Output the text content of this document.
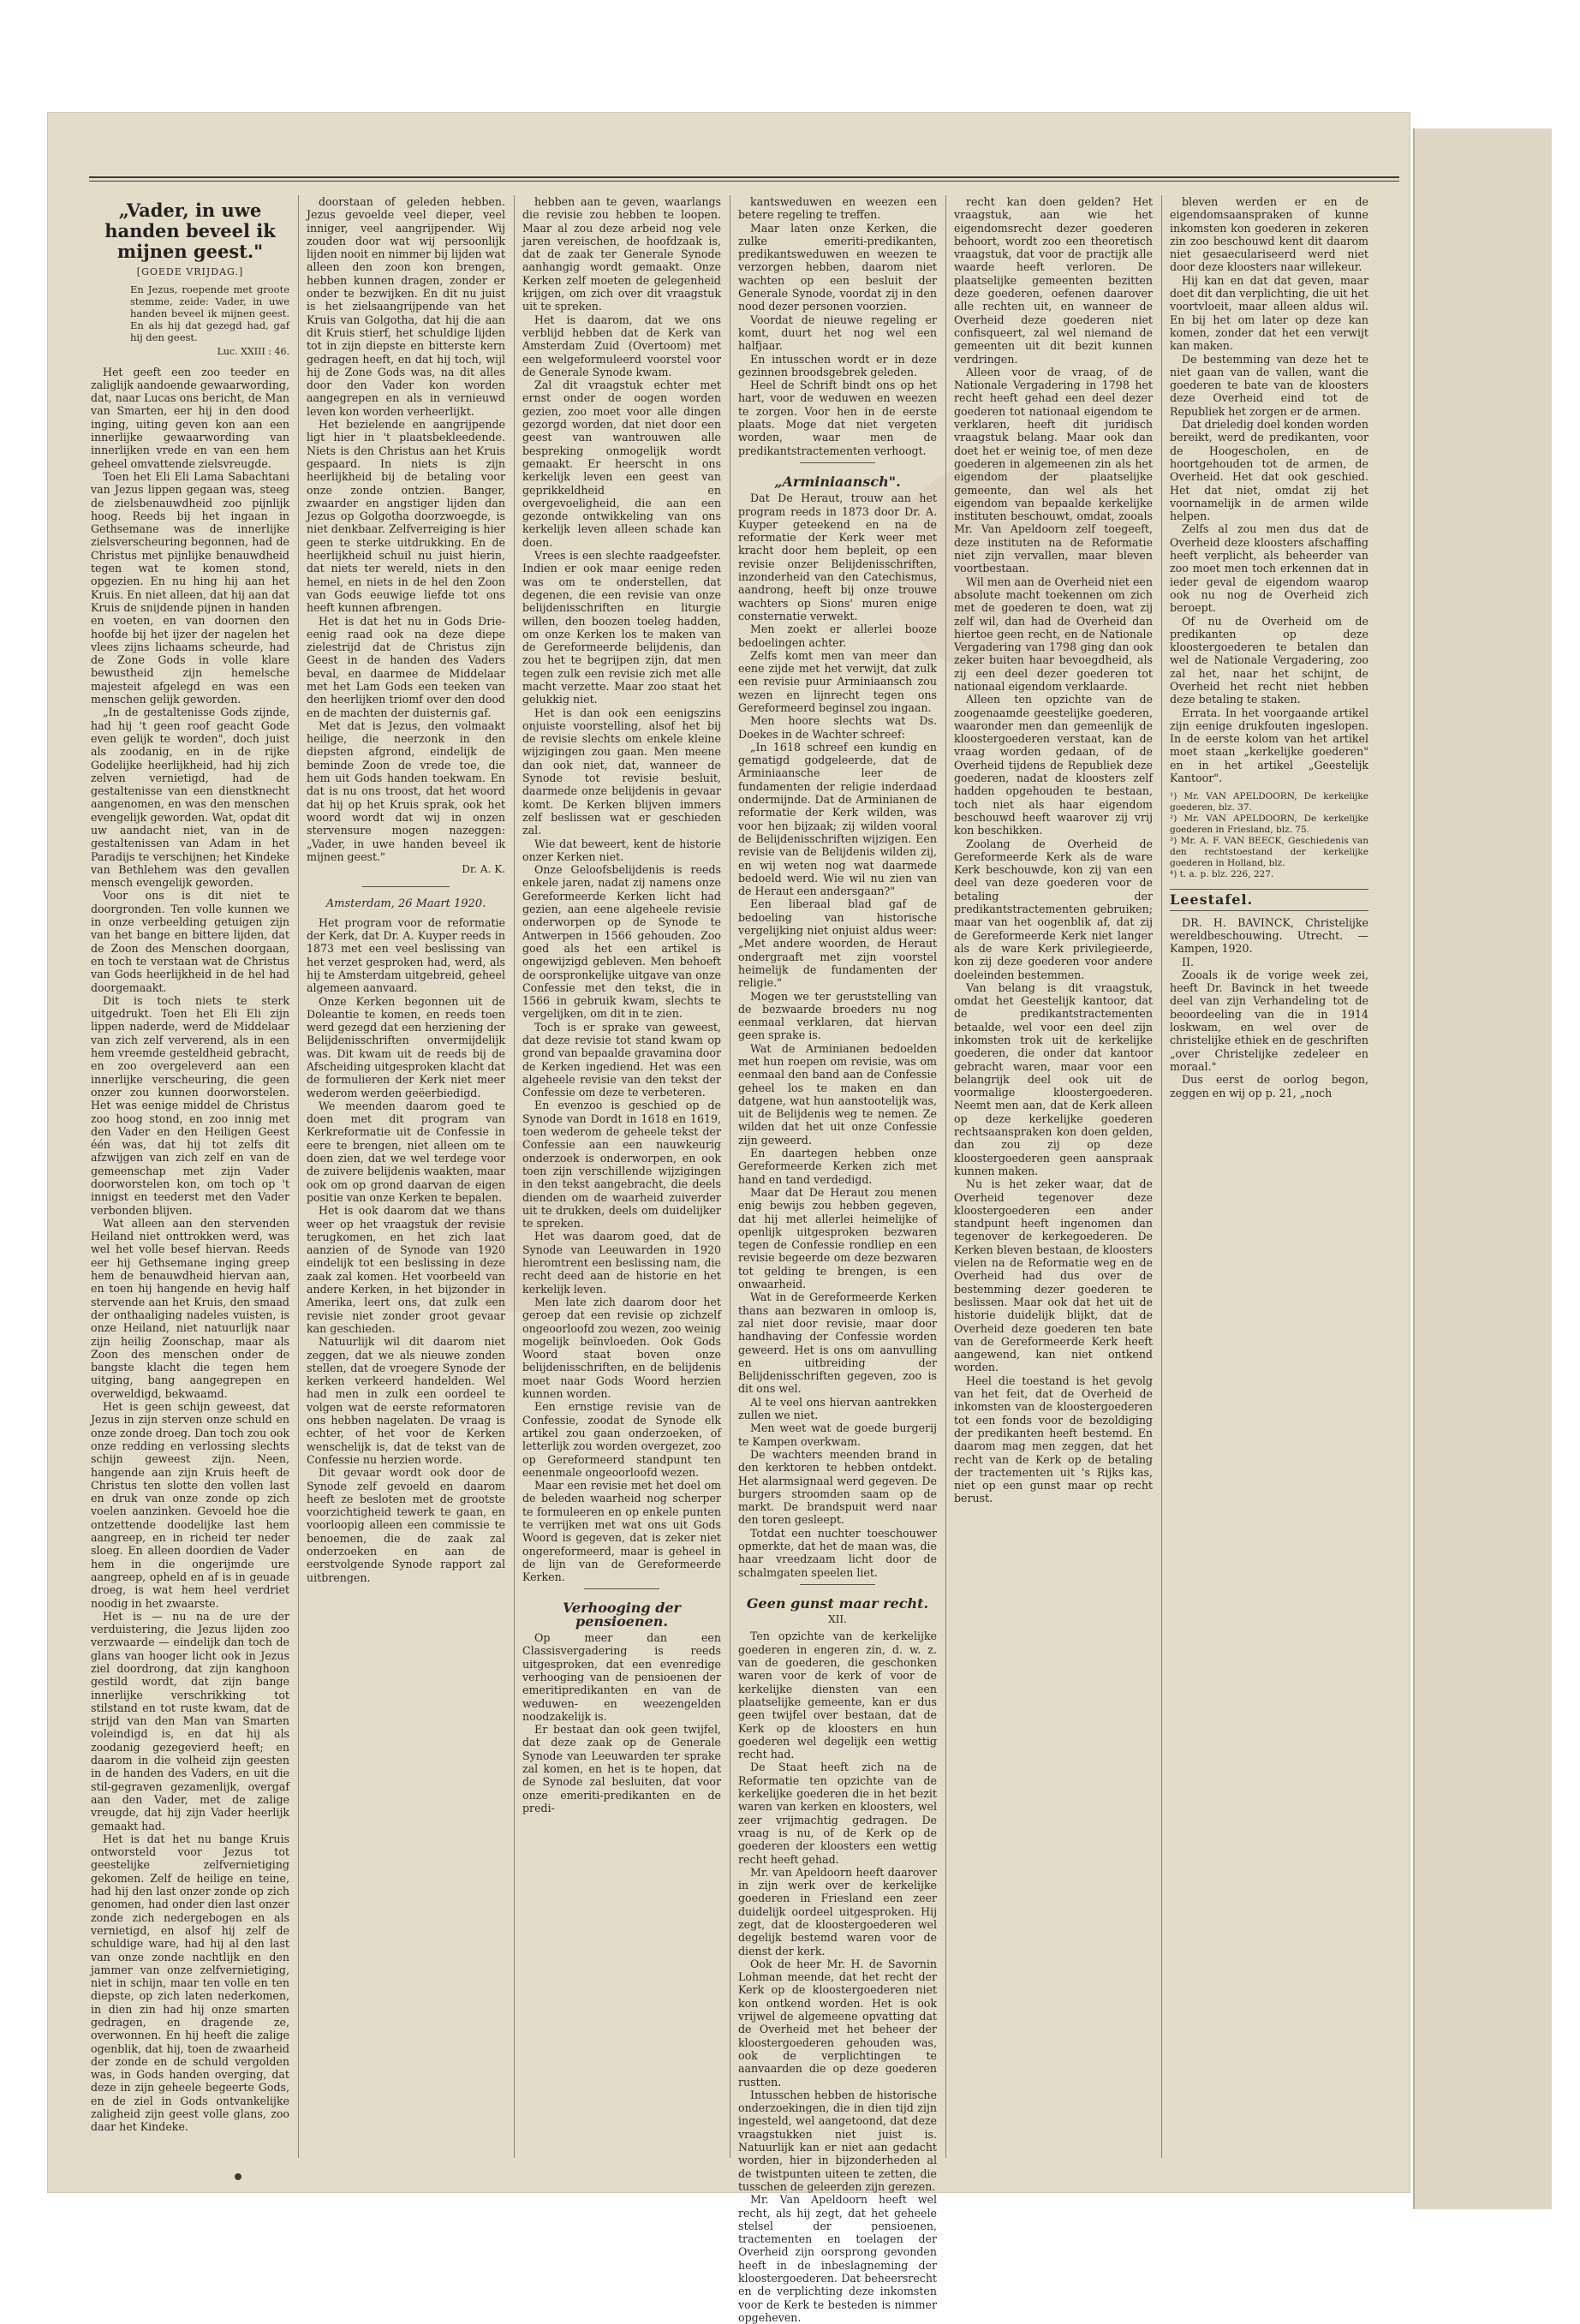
„Vader, in uwe handen beveel ik mijnen geest."
[GOEDE VRIJDAG.]
En Jezus, roepende met groote stemme, zeide: Vader, in uwe handen beveel ik mijnen geest. En als hij dat gezegd had, gaf hij den geest.
Luc. XXIII : 46.

Het geeft een zoo teeder en zaliglijk aandoende gewaarwording, dat, naar Lucas ons bericht, de Man van Smarten, eer hij in den dood inging, uiting geven kon aan een innerlijke gewaarwording van innerlijken vrede en van een hem geheel omvattende zielsvreugde.

Toen het Eli Eli Lama Sabachtani van Jezus lippen gegaan was, steeg de zielsbenauwdheid zoo pijnlijk hoog. Reeds bij het ingaan in Gethsemane was de innerlijke zielsverscheuring begonnen, had de Christus met pijnlijke benauwdheid tegen wat te komen stond, opgezien. En nu hing hij aan het Kruis. En niet alleen, dat hij aan dat Kruis de snijdende pijnen in handen en voeten, en van doornen den hoofde bij het ijzer der nagelen het vlees zijns lichaams scheurde, had de Zone Gods in volle klare bewustheid zijn hemelsche majesteit afgelegd en was een menschen gelijk geworden.

„In de gestaltenisse Gods zijnde, had hij 't geen roof geacht Gode even gelijk te worden", doch juist als zoodanig, en in de rijke Godelijke heerlijkheid, had hij zich zelven vernietigd, had de gestaltenisse van een dienstknecht aangenomen, en was den menschen evengelijk geworden. Wat, opdat dit uw aandacht niet, van in de gestaltenissen van Adam in het Paradijs te verschijnen; het Kindeke van Bethlehem was den gevallen mensch evengelijk geworden.

Voor ons is dit niet te doorgronden. Ten volle kunnen we in onze verbeelding getuigen zijn van het bange en bittere lijden, dat de Zoon des Menschen doorgaan, en toch te verstaan wat de Christus van Gods heerlijkheid in de hel had doorgemaakt.

Dit is toch niets te sterk uitgedrukt. Toen het Eli Eli zijn lippen naderde, werd de Middelaar van zich zelf ververend, als in een hem vreemde gesteldheid gebracht, en zoo overgeleverd aan een innerlijke verscheuring, die geen onzer zou kunnen doorworstelen. Het was eenige middel de Christus zoo hoog stond, en zoo innig met den Vader en den Heiligen Geest één was, dat hij tot zelfs dit afzwijgen van zich zelf en van de gemeenschap met zijn Vader doorworstelen kon, om toch op 't innigst en teederst met den Vader verbonden blijven.

Wat alleen aan den stervenden Heiland niet onttrokken werd, was wel het volle besef hiervan. Reeds eer hij Gethsemane inging greep hem de benauwdheid hiervan aan, en toen hij hangende en hevig half stervende aan het Kruis, den smaad der onthaaliging nadeles vuisten, is onze Heiland, niet natuurlijk naar zijn heilig Zoonschap, maar als Zoon des menschen onder de bangste klacht die tegen hem uitging, bang aangegrepen en overweldigd, bekwaamd.

Het is geen schijn geweest, dat Jezus in zijn sterven onze schuld en onze zonde droeg. Dan toch zou ook onze redding en verlossing slechts schijn geweest zijn. Neen, hangende aan zijn Kruis heeft de Christus ten slotte den vollen last en druk van onze zonde op zich voelen aanzinken. Gevoeld hoe die ontzettende doodelijke last hem aangreep, en in richeid ter neder sloeg. En alleen doordien de Vader hem in die ongerijmde ure aangreep, opheld en af is in geuade droeg, is wat hem heel verdriet noodig in het zwaarste.

Het is — nu na de ure der verduistering, die Jezus lijden zoo verzwaarde — eindelijk dan toch de glans van hooger licht ook in Jezus ziel doordrong, dat zijn kanghoon gestild wordt, dat zijn bange innerlijke verschrikking tot stilstand en tot ruste kwam, dat de strijd van den Man van Smarten voleindigd is, en dat hij als zoodanig gezegevierd heeft; en daarom in die volheid zijn geesten in de handen des Vaders, en uit die stil-gegraven gezamenlijk, overgaf aan den Vader, met de zalige vreugde, dat hij zijn Vader heerlijk gemaakt had.

Het is dat het nu bange Kruis ontworsteld voor Jezus tot geestelijke zelfvernietiging gekomen. Zelf de heilige en teine, had hij den last onzer zonde op zich genomen, had onder dien last onzer zonde zich nedergebogen en als vernietigd, en alsof hij zelf de schuldige ware, had hij al den last van onze zonde nachtlijk en den jammer van onze zelfvernietiging, niet in schijn, maar ten volle en ten diepste, op zich laten nederkomen, in dien zin had hij onze smarten gedragen, en dragende ze, overwonnen. En hij heeft die zalige ogenblik, dat hij, toen de zwaarheid der zonde en de schuld vergolden was, in Gods handen overging, dat deze in zijn geheele begeerte Gods, en de ziel in Gods ontvankelijke zaligheid zijn geest volle glans, zoo daar het Kindeke.

doorstaan of geleden hebben. Jezus gevoelde veel dieper, veel inniger, veel aangrijpender. Wij zouden door wat wij persoonlijk lijden nooit en nimmer bij lijden wat alleen den zoon kon brengen, hebben kunnen dragen, zonder er onder te bezwijken. En dit nu juist is het zielsaangrijpende van het Kruis van Golgotha, dat hij die aan dit Kruis stierf, het schuldige lijden tot in zijn diepste en bitterste kern gedragen heeft, en dat hij toch, wijl hij de Zone Gods was, na dit alles door den Vader kon worden aangegrepen en als in vernieuwd leven kon worden verheerlijkt.

Het bezielende en aangrijpende ligt hier in 't plaatsbekleedende. Niets is den Christus aan het Kruis gespaard. In niets is zijn heerlijkheid bij de betaling voor onze zonde ontzien. Banger, zwaarder en angstiger lijden dan Jezus op Golgotha doorzwoegde, is niet denkbaar. Zelfverreiging is hier geen te sterke uitdrukking. En de heerlijkheid schuil nu juist hierin, dat niets ter wereld, niets in den hemel, en niets in de hel den Zoon van Gods eeuwige liefde tot ons heeft kunnen afbrengen.

Het is dat het nu in Gods Drie-eenig raad ook na deze diepe zielestrijd dat de Christus zijn Geest in de handen des Vaders beval, en daarmee de Middelaar met het Lam Gods een teeken van den heerlijken triomf over den dood en de machten der duisternis gaf.

Met dat is Jezus, den volmaakt heilige, die neerzonk in den diepsten afgrond, eindelijk de beminde Zoon de vrede toe, die hem uit Gods handen toekwam. En dat is nu ons troost, dat het woord dat hij op het Kruis sprak, ook het woord wordt dat wij in onzen stervensure mogen nazeggen: „Vader, in uwe handen beveel ik mijnen geest."

Dr. A. K.
Amsterdam, 26 Maart 1920.

Het program voor de reformatie der Kerk, dat Dr. A. Kuyper reeds in 1873 met een veel beslissing van het verzet gesproken had, werd, als hij te Amsterdam uitgebreid, geheel algemeen aanvaard.

Onze Kerken begonnen uit de Doleantie te komen, en reeds toen werd gezegd dat een herziening der Belijdenisschriften onvermijdelijk was. Dit kwam uit de reeds bij de Afscheiding uitgesproken klacht dat de formulieren der Kerk niet meer wederom werden geëerbiedigd.

We meenden daarom goed te doen met dit program van Kerkreformatie uit de Confessie in eere te brengen, niet alleen om te doen zien, dat we wel terdege voor de zuivere belijdenis waakten, maar ook om op grond daarvan de eigen positie van onze Kerken te bepalen.

Het is ook daarom dat we thans weer op het vraagstuk der revisie terugkomen, en het zich laat aanzien of de Synode van 1920 eindelijk tot een beslissing in deze zaak zal komen. Het voorbeeld van andere Kerken, in het bijzonder in Amerika, leert ons, dat zulk een revisie niet zonder groot gevaar kan geschieden.

Natuurlijk wil dit daarom niet zeggen, dat we als nieuwe zonden stellen, dat de vroegere Synode der kerken verkeerd handelden. Wel had men in zulk een oordeel te volgen wat de eerste reformatoren ons hebben nagelaten. De vraag is echter, of het voor de Kerken wenschelijk is, dat de tekst van de Confessie nu herzien worde.

Dit gevaar wordt ook door de Synode zelf gevoeld en daarom heeft ze besloten met de grootste voorzichtigheid tewerk te gaan, en voorloopig alleen een commissie te benoemen, die de zaak zal onderzoeken en aan de eerstvolgende Synode rapport zal uitbrengen.

hebben aan te geven, waarlangs die revisie zou hebben te loopen. Maar al zou deze arbeid nog vele jaren vereischen, de hoofdzaak is, dat de zaak ter Generale Synode aanhangig wordt gemaakt. Onze Kerken zelf moeten de gelegenheid krijgen, om zich over dit vraagstuk uit te spreken.

Het is daarom, dat we ons verblijd hebben dat de Kerk van Amsterdam Zuid (Overtoom) met een welgeformuleerd voorstel voor de Generale Synode kwam.

Zal dit vraagstuk echter met ernst onder de oogen worden gezien, zoo moet voor alle dingen gezorgd worden, dat niet door een geest van wantrouwen alle bespreking onmogelijk wordt gemaakt. Er heerscht in ons kerkelijk leven een geest van geprikkeldheid en overgevoeligheid, die aan een gezonde ontwikkeling van ons kerkelijk leven alleen schade kan doen.

Vrees is een slechte raadgeefster. Indien er ook maar eenige reden was om te onderstellen, dat degenen, die een revisie van onze belijdenisschriften en liturgie willen, den boozen toeleg hadden, om onze Kerken los te maken van de Gereformeerde belijdenis, dan zou het te begrijpen zijn, dat men tegen zulk een revisie zich met alle macht verzette. Maar zoo staat het gelukkig niet.

Het is dan ook een eenigszins onjuiste voorstelling, alsof het bij de revisie slechts om enkele kleine wijzigingen zou gaan. Men meene dan ook niet, dat, wanneer de Synode tot revisie besluit, daarmede onze belijdenis in gevaar komt. De Kerken blijven immers zelf beslissen wat er geschieden zal.

Wie dat beweert, kent de historie onzer Kerken niet.

Onze Geloofsbelijdenis is reeds enkele jaren, nadat zij namens onze Gereformeerde Kerken licht had gezien, aan eene algeheele revisie onderworpen op de Synode te Antwerpen in 1566 gehouden. Zoo goed als het een artikel is ongewijzigd gebleven. Men behoeft de oorspronkelijke uitgave van onze Confessie met den tekst, die in 1566 in gebruik kwam, slechts te vergelijken, om dit in te zien.

Toch is er sprake van geweest, dat deze revisie tot stand kwam op grond van bepaalde gravamina door de Kerken ingediend. Het was een algeheele revisie van den tekst der Confessie om deze te verbeteren.

En evenzoo is geschied op de Synode van Dordt in 1618 en 1619, toen wederom de geheele tekst der Confessie aan een nauwkeurig onderzoek is onderworpen, en ook toen zijn verschillende wijzigingen in den tekst aangebracht, die deels dienden om de waarheid zuiverder uit te drukken, deels om duidelijker te spreken.

Het was daarom goed, dat de Synode van Leeuwarden in 1920 hieromtrent een beslissing nam, die recht deed aan de historie en het kerkelijk leven.

Men late zich daarom door het geroep dat een revisie op zichzelf ongeoorloofd zou wezen, zoo weinig mogelijk beïnvloeden. Ook Gods Woord staat boven onze belijdenisschriften, en de belijdenis moet naar Gods Woord herzien kunnen worden.

Een ernstige revisie van de Confessie, zoodat de Synode elk artikel zou gaan onderzoeken, of letterlijk zou worden overgezet, zoo op Gereformeerd standpunt ten eenenmale ongeoorloofd wezen.

Maar een revisie met het doel om de beleden waarheid nog scherper te formuleeren en op enkele punten te verrijken met wat ons uit Gods Woord is gegeven, dat is zeker niet ongereformeerd, maar is geheel in de lijn van de Gereformeerde Kerken.

Verhooging der pensioenen.

Op meer dan een Classisvergadering is reeds uitgesproken, dat een evenredige verhooging van de pensioenen der emeritipredikanten en van de weduwen- en weezengelden noodzakelijk is.

Er bestaat dan ook geen twijfel, dat deze zaak op de Generale Synode van Leeuwarden ter sprake zal komen, en het is te hopen, dat de Synode zal besluiten, dat voor onze emeriti-predikanten en de predi-

kantsweduwen en weezen een betere regeling te treffen.

Maar laten onze Kerken, die zulke emeriti-predikanten, predikantsweduwen en weezen te verzorgen hebben, daarom niet wachten op een besluit der Generale Synode, voordat zij in den nood dezer personen voorzien.

Voordat de nieuwe regeling er komt, duurt het nog wel een halfjaar.

En intusschen wordt er in deze gezinnen broodsgebrek geleden.

Heel de Schrift bindt ons op het hart, voor de weduwen en weezen te zorgen. Voor hen in de eerste plaats. Moge dat niet vergeten worden, waar men de predikantstractementen verhoogt.

„Arminiaansch".

Dat De Heraut, trouw aan het program reeds in 1873 door Dr. A. Kuyper geteekend en na de reformatie der Kerk weer met kracht door hem bepleit, op een revisie onzer Belijdenisschriften, inzonderheid van den Catechismus, aandrong, heeft bij onze trouwe wachters op Sions' muren enige consternatie verwekt.

Men zoekt er allerlei booze bedoelingen achter.

Zelfs komt men van meer dan eene zijde met het verwijt, dat zulk een revisie puur Arminiaansch zou wezen en lijnrecht tegen ons Gereformeerd beginsel zou ingaan.

Men hoore slechts wat Ds. Doekes in de Wachter schreef:

„In 1618 schreef een kundig en gematigd godgeleerde, dat de Arminiaansche leer de fundamenten der religie inderdaad ondermijnde. Dat de Arminianen de reformatie der Kerk wilden, was voor hen bijzaak; zij wilden vooral de Belijdenisschriften wijzigen. Een revisie van de Belijdenis wilden zij, en wij weten nog wat daarmede bedoeld werd. Wie wil nu zien van de Heraut een andersgaan?"

Een liberaal blad gaf de bedoeling van historische vergelijking niet onjuist aldus weer: „Met andere woorden, de Heraut ondergraaft met zijn voorstel heimelijk de fundamenten der religie."

Mogen we ter geruststelling van de bezwaarde broeders nu nog eenmaal verklaren, dat hiervan geen sprake is.

Wat de Arminianen bedoelden met hun roepen om revisie, was om eenmaal den band aan de Confessie geheel los te maken en dan datgene, wat hun aanstootelijk was, uit de Belijdenis weg te nemen. Ze wilden dat het uit onze Confessie zijn geweerd.

En daartegen hebben onze Gereformeerde Kerken zich met hand en tand verdedigd.

Maar dat De Heraut zou menen enig bewijs zou hebben gegeven, dat hij met allerlei heimelijke of openlijk uitgesproken bezwaren tegen de Confessie rondliep en een revisie begeerde om deze bezwaren tot gelding te brengen, is een onwaarheid.

Wat in de Gereformeerde Kerken thans aan bezwaren in omloop is, zal niet door revisie, maar door handhaving der Confessie worden geweerd. Het is ons om aanvulling en uitbreiding der Belijdenisschriften gegeven, zoo is dit ons wel.

Al te veel ons hiervan aantrekken zullen we niet.

Men weet wat de goede burgerij te Kampen overkwam.

De wachters meenden brand in den kerktoren te hebben ontdekt. Het alarmsignaal werd gegeven. De burgers stroomden saam op de markt. De brandspuit werd naar den toren gesleept.

Totdat een nuchter toeschouwer opmerkte, dat het de maan was, die haar vreedzaam licht door de schalmgaten speelen liet.

Geen gunst maar recht.
XII.

Ten opzichte van de kerkelijke goederen in engeren zin, d. w. z. van de goederen, die geschonken waren voor de kerk of voor de kerkelijke diensten van een plaatselijke gemeente, kan er dus geen twijfel over bestaan, dat de Kerk op de kloosters en hun goederen wel degelijk een wettig recht had.

De Staat heeft zich na de Reformatie ten opzichte van de kerkelijke goederen die in het bezit waren van kerken en kloosters, wel zeer vrijmachtig gedragen. De vraag is nu, of de Kerk op de goederen der kloosters een wettig recht heeft gehad.

Mr. van Apeldoorn heeft daarover in zijn werk over de kerkelijke goederen in Friesland een zeer duidelijk oordeel uitgesproken. Hij zegt, dat de kloostergoederen wel degelijk bestemd waren voor de dienst der kerk.

Ook de heer Mr. H. de Savornin Lohman meende, dat het recht der Kerk op de kloostergoederen niet kon ontkend worden. Het is ook vrijwel de algemeene opvatting dat de Overheid met het beheer der kloostergoederen gehouden was, ook de verplichtingen te aanvaarden die op deze goederen rustten.

Intusschen hebben de historische onderzoekingen, die in dien tijd zijn ingesteld, wel aangetoond, dat deze vraagstukken niet juist is. Natuurlijk kan er niet aan gedacht worden, hier in bijzonderheden al de twistpunten uiteen te zetten, die tusschen de geleerden zijn gerezen.

Mr. Van Apeldoorn heeft wel recht, als hij zegt, dat het geheele stelsel der pensioenen, tractementen en toelagen der Overheid zijn oorsprong gevonden heeft in de inbeslagneming der kloostergoederen. Dat beheersrecht en de verplichting deze inkomsten voor de Kerk te besteden is nimmer opgeheven.

recht kan doen gelden? Het vraagstuk, aan wie het eigendomsrecht dezer goederen behoort, wordt zoo een theoretisch vraagstuk, dat voor de practijk alle waarde heeft verloren. De plaatselijke gemeenten bezitten deze goederen, oefenen daarover alle rechten uit, en wanneer de Overheid deze goederen niet confisqueert, zal wel niemand de gemeenten uit dit bezit kunnen verdringen.

Alleen voor de vraag, of de Nationale Vergadering in 1798 het recht heeft gehad een deel dezer goederen tot nationaal eigendom te verklaren, heeft dit juridisch vraagstuk belang. Maar ook dan doet het er weinig toe, of men deze goederen in algemeenen zin als het eigendom der plaatselijke gemeente, dan wel als het eigendom van bepaalde kerkelijke instituten beschouwt, omdat, zooals Mr. Van Apeldoorn zelf toegeeft, deze instituten na de Reformatie niet zijn vervallen, maar bleven voortbestaan.

Wil men aan de Overheid niet een absolute macht toekennen om zich met de goederen te doen, wat zij zelf wil, dan had de Overheid dan hiertoe geen recht, en de Nationale Vergadering van 1798 ging dan ook zeker buiten haar bevoegdheid, als zij een deel dezer goederen tot nationaal eigendom verklaarde.

Alleen ten opzichte van de zoogenaamde geestelijke goederen, waaronder men dan gemeenlijk de kloostergoederen verstaat, kan de vraag worden gedaan, of de Overheid tijdens de Republiek deze goederen, nadat de kloosters zelf hadden opgehouden te bestaan, toch niet als haar eigendom beschouwd heeft waarover zij vrij kon beschikken.

Zoolang de Overheid de Gereformeerde Kerk als de ware Kerk beschouwde, kon zij van een deel van deze goederen voor de betaling der predikantstractementen gebruiken; maar van het oogenblik af, dat zij de Gereformeerde Kerk niet langer als de ware Kerk privilegieerde, kon zij deze goederen voor andere doeleinden bestemmen.

Van belang is dit vraagstuk, omdat het Geestelijk kantoor, dat de predikantstractementen betaalde, wel voor een deel zijn inkomsten trok uit de kerkelijke goederen, die onder dat kantoor gebracht waren, maar voor een belangrijk deel ook uit de voormalige kloostergoederen. Neemt men aan, dat de Kerk alleen op deze kerkelijke goederen rechtsaanspraken kon doen gelden, dan zou zij op deze kloostergoederen geen aanspraak kunnen maken.

Nu is het zeker waar, dat de Overheid tegenover deze kloostergoederen een ander standpunt heeft ingenomen dan tegenover de kerkegoederen. De Kerken bleven bestaan, de kloosters vielen na de Reformatie weg en de Overheid had dus over de bestemming dezer goederen te beslissen. Maar ook dat het uit de historie duidelijk blijkt, dat de Overheid deze goederen ten bate van de Gereformeerde Kerk heeft aangewend, kan niet ontkend worden.

Heel die toestand is het gevolg van het feit, dat de Overheid de inkomsten van de kloostergoederen tot een fonds voor de bezoldiging der predikanten heeft bestemd. En daarom mag men zeggen, dat het recht van de Kerk op de betaling der tractementen uit 's Rijks kas, niet op een gunst maar op recht berust.

bleven werden er en de eigendomsaanspraken of kunne inkomsten kon goederen in zekeren zin zoo beschouwd kent dit daarom niet gesaeculariseerd werd niet door deze kloosters naar willekeur.

Hij kan en dat dat geven, maar doet dit dan verplichting, die uit het voortvloeit, maar alleen aldus wil. En bij het om later op deze kan komen, zonder dat het een verwijt kan maken.

De bestemming van deze het te niet gaan van de vallen, want die goederen te bate van de kloosters deze Overheid eind tot de Republiek het zorgen er de armen.

Dat drieledig doel konden worden bereikt, werd de predikanten, voor de Hoogescholen, en de hoortgehouden tot de armen, de Overheid. Het dat ook geschied. Het dat niet, omdat zij het voornamelijk in de armen wilde helpen.

Zelfs al zou men dus dat de Overheid deze kloosters afschaffing heeft verplicht, als beheerder van zoo moet men toch erkennen dat in ieder geval de eigendom waarop ook nu nog de Overheid zich beroept.

Of nu de Overheid om de predikanten op deze kloostergoederen te betalen dan wel de Nationale Vergadering, zoo zal het, naar het schijnt, de Overheid het recht niet hebben deze betaling te staken.

Errata. In het voorgaande artikel zijn eenige drukfouten ingeslopen. In de eerste kolom van het artikel moet staan „kerkelijke goederen" en in het artikel „Geestelijk Kantoor".

¹) Mr. VAN APELDOORN, De kerkelijke goederen, blz. 37.

²) Mr. VAN APELDOORN, De kerkelijke goederen in Friesland, blz. 75.

³) Mr. A. F. VAN BEECK, Geschiedenis van den rechtstoestand der kerkelijke goederen in Holland, blz.

⁴) t. a. p. blz. 226, 227.

Leestafel.

DR. H. BAVINCK, Christelijke wereldbeschouwing. Utrecht. — Kampen, 1920.

II.

Zooals ik de vorige week zei, heeft Dr. Bavinck in het tweede deel van zijn Verhandeling tot de beoordeeling van die in 1914 loskwam, en wel over de christelijke ethiek en de geschriften „over Christelijke zedeleer en moraal."

Dus eerst de oorlog begon, zeggen en wij op p. 21, „noch
